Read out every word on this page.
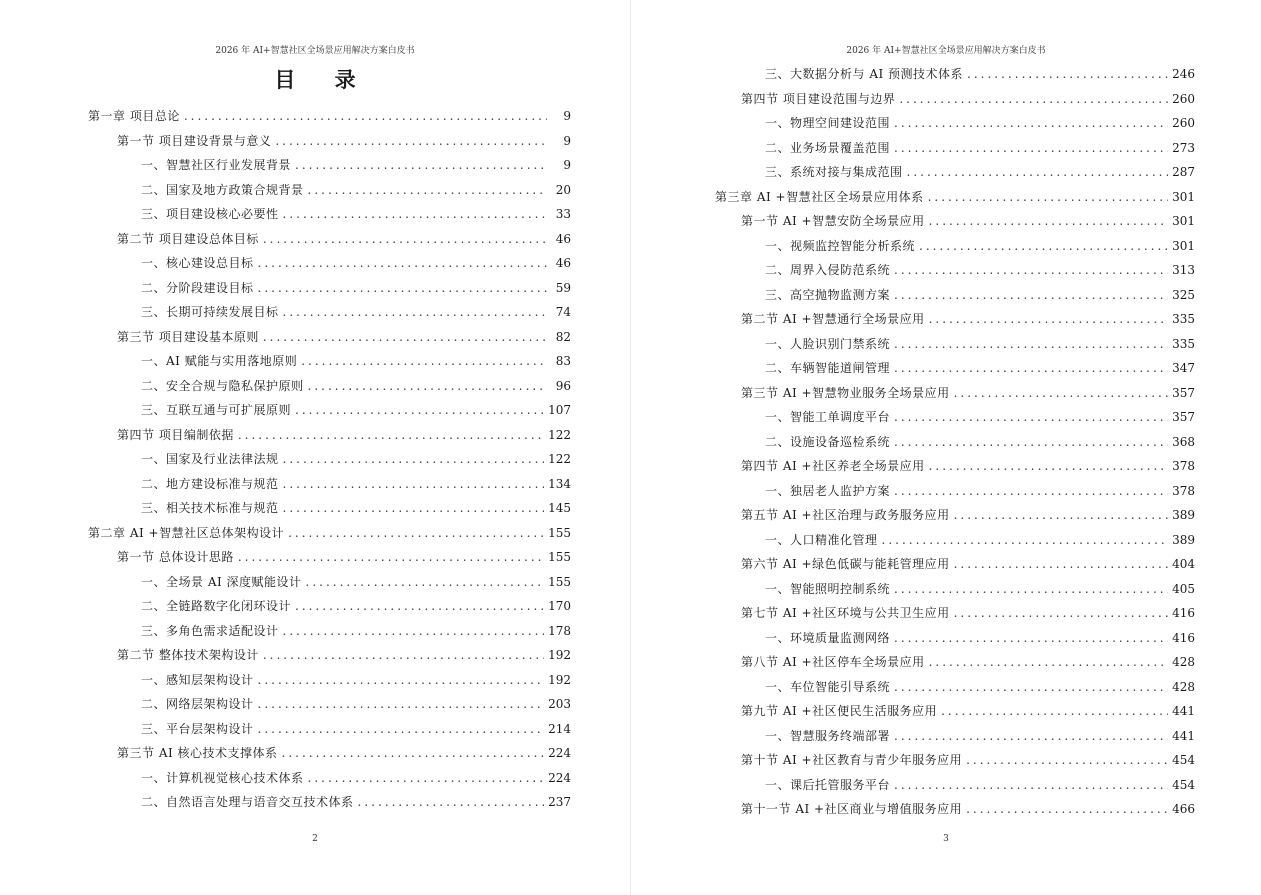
2026 年 AI+智慧社区全场景应用解决方案白皮书
目 录
第一章 项目总论 .....	9
第一节 项目建设背景与意义 .....	9
一、智慧社区行业发展背景 .....	9
二、国家及地方政策合规背景 .....	20
三、项目建设核心必要性 .....	33
第二节 项目建设总体目标 .....	46
一、核心建设总目标 .....	46
二、分阶段建设目标 .....	59
三、长期可持续发展目标 .....	74
第三节 项目建设基本原则 .....	82
一、AI 赋能与实用落地原则 .....	83
二、安全合规与隐私保护原则 .....	96
三、互联互通与可扩展原则 .....	107
第四节 项目编制依据 .....	122
一、国家及行业法律法规 .....	122
二、地方建设标准与规范 .....	134
三、相关技术标准与规范 .....	145
第二章 AI +智慧社区总体架构设计 .....	155
第一节 总体设计思路 .....	155
一、全场景 AI 深度赋能设计 .....	155
二、全链路数字化闭环设计 .....	170
三、多角色需求适配设计 .....	178
第二节 整体技术架构设计 .....	192
一、感知层架构设计 .....	192
二、网络层架构设计 .....	203
三、平台层架构设计 .....	214
第三节 AI 核心技术支撑体系 .....	224
一、计算机视觉核心技术体系 .....	224
二、自然语言处理与语音交互技术体系 .....	237
2
2026 年 AI+智慧社区全场景应用解决方案白皮书
三、大数据分析与 AI 预测技术体系 .....	246
第四节 项目建设范围与边界 .....	260
一、物理空间建设范围 .....	260
二、业务场景覆盖范围 .....	273
三、系统对接与集成范围 .....	287
第三章 AI +智慧社区全场景应用体系 .....	301
第一节 AI +智慧安防全场景应用 .....	301
一、视频监控智能分析系统 .....	301
二、周界入侵防范系统 .....	313
三、高空抛物监测方案 .....	325
第二节 AI +智慧通行全场景应用 .....	335
一、人脸识别门禁系统 .....	335
二、车辆智能道闸管理 .....	347
第三节 AI +智慧物业服务全场景应用 .....	357
一、智能工单调度平台 .....	357
二、设施设备巡检系统 .....	368
第四节 AI +社区养老全场景应用 .....	378
一、独居老人监护方案 .....	378
第五节 AI +社区治理与政务服务应用 .....	389
一、人口精准化管理 .....	389
第六节 AI +绿色低碳与能耗管理应用 .....	404
一、智能照明控制系统 .....	405
第七节 AI +社区环境与公共卫生应用 .....	416
一、环境质量监测网络 .....	416
第八节 AI +社区停车全场景应用 .....	428
一、车位智能引导系统 .....	428
第九节 AI +社区便民生活服务应用 .....	441
一、智慧服务终端部署 .....	441
第十节 AI +社区教育与青少年服务应用 .....	454
一、课后托管服务平台 .....	454
第十一节 AI +社区商业与增值服务应用 .....	466
3
